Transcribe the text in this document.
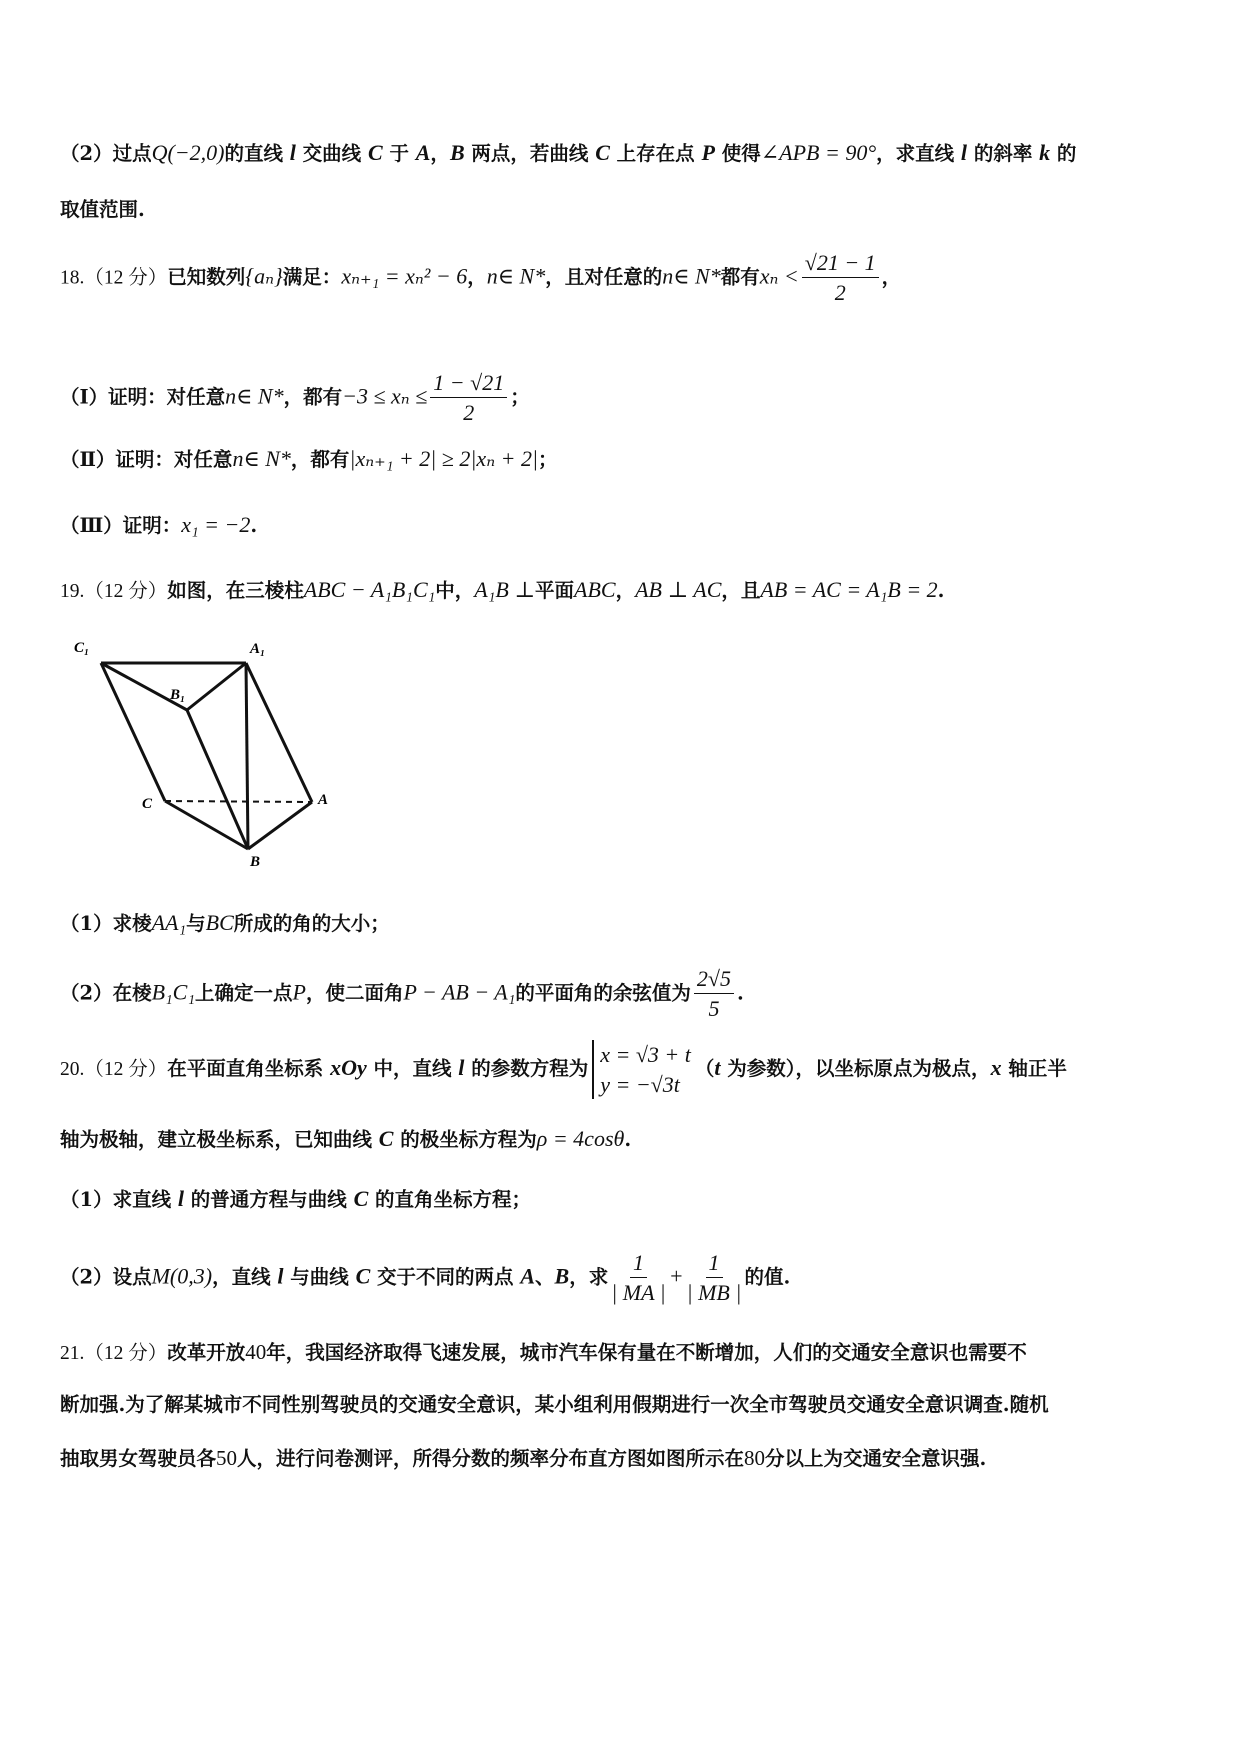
（2）过点Q(−2,0)的直线 l 交曲线 C 于 A，B 两点，若曲线 C 上存在点 P 使得∠APB = 90°，求直线 l 的斜率 k 的
取值范围.
18.（12 分）已知数列{aₙ}满足：xₙ₊₁ = xₙ² − 6，n∈ N*，且对任意的n∈ N*都有$x_n < \frac{√21 - 1}{2}$ ，
（Ⅰ）证明：对任意n∈ N*，都有$-3 \le x_n \le \frac{1 - √21}{2}$ ；
（Ⅱ）证明：对任意n∈ N*，都有|xₙ₊₁ + 2| ≥ 2|xₙ + 2|；
（Ⅲ）证明：x₁ = −2.
19.（12 分）如图，在三棱柱ABC − A₁B₁C₁中，A₁B ⊥平面ABC，AB ⊥ AC，且AB = AC = A₁B = 2.
C₁	A₁
B₁
C	A
B
（1）求棱AA₁与BC所成的角的大小；
（2）在棱B₁C₁上确定一点P，使二面角P − AB − A₁的平面角的余弦值为 $\frac{2√5}{5}$ .
20.（12 分）在平面直角坐标系 xOy 中，直线 l 的参数方程为
x = √3 + t
y = −√3t
（t 为参数），以坐标原点为极点，x 轴正半
轴为极轴，建立极坐标系，已知曲线 C 的极坐标方程为ρ = 4cosθ.
（1）求直线 l 的普通方程与曲线 C 的直角坐标方程；
（2）设点M(0,3)，直线 l 与曲线 C 交于不同的两点 A、B，求 $\frac{1}{| MA |} + \frac{1}{| MB |}$ 的值.
21.（12 分）改革开放40年，我国经济取得飞速发展，城市汽车保有量在不断增加，人们的交通安全意识也需要不
断加强.为了解某城市不同性别驾驶员的交通安全意识，某小组利用假期进行一次全市驾驶员交通安全意识调查.随机
抽取男女驾驶员各50人，进行问卷测评，所得分数的频率分布直方图如图所示在80分以上为交通安全意识强.
